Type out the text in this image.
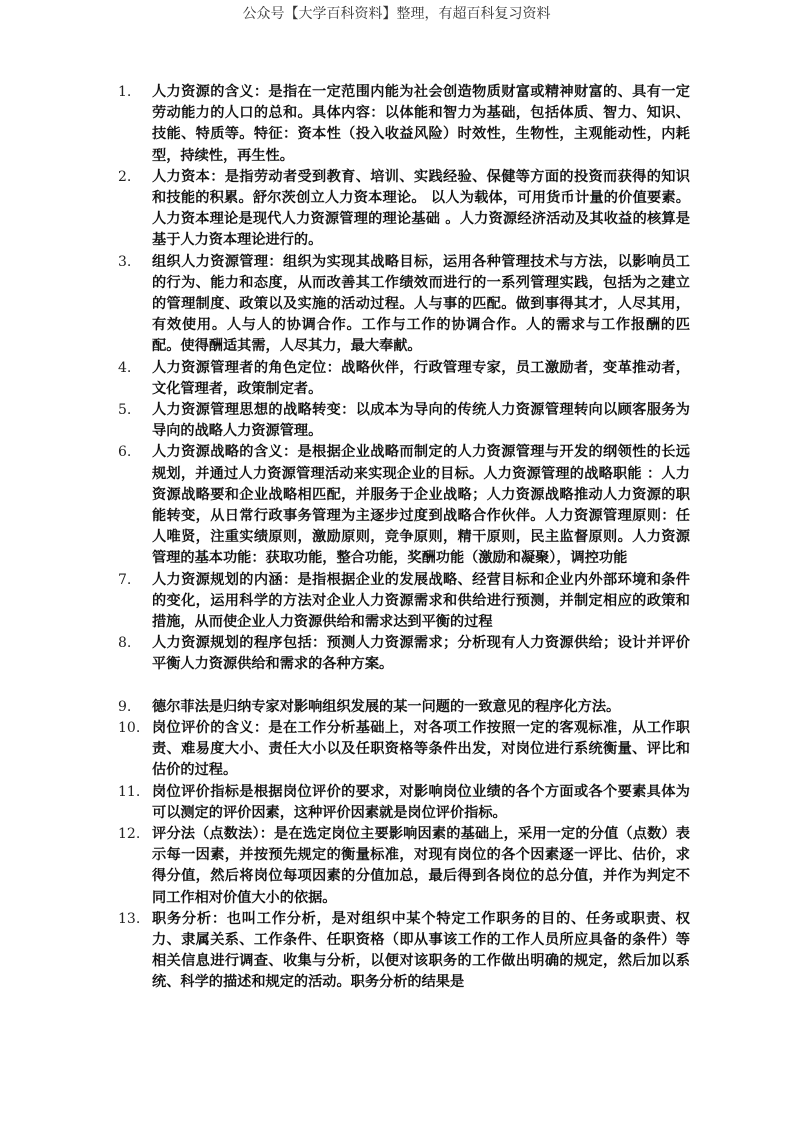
公众号【大学百科资料】整理，有超百科复习资料
1. 人力资源的含义：是指在一定范围内能为社会创造物质财富或精神财富的、具有一定劳动能力的人口的总和。具体内容：以体能和智力为基础，包括体质、智力、知识、技能、特质等。特征：资本性（投入收益风险）时效性，生物性，主观能动性，内耗型，持续性，再生性。
2. 人力资本：是指劳动者受到教育、培训、实践经验、保健等方面的投资而获得的知识和技能的积累。舒尔茨创立人力资本理论。 以人为载体，可用货币计量的价值要素。人力资本理论是现代人力资源管理的理论基础 。人力资源经济活动及其收益的核算是基于人力资本理论进行的。
3. 组织人力资源管理：组织为实现其战略目标，运用各种管理技术与方法，以影响员工的行为、能力和态度，从而改善其工作绩效而进行的一系列管理实践，包括为之建立的管理制度、政策以及实施的活动过程。人与事的匹配。做到事得其才，人尽其用，有效使用。人与人的协调合作。工作与工作的协调合作。人的需求与工作报酬的匹配。使得酬适其需，人尽其力，最大奉献。
4. 人力资源管理者的角色定位：战略伙伴，行政管理专家，员工激励者，变革推动者，文化管理者，政策制定者。
5. 人力资源管理思想的战略转变：以成本为导向的传统人力资源管理转向以顾客服务为导向的战略人力资源管理。
6. 人力资源战略的含义：是根据企业战略而制定的人力资源管理与开发的纲领性的长远规划，并通过人力资源管理活动来实现企业的目标。人力资源管理的战略职能 ：人力资源战略要和企业战略相匹配，并服务于企业战略；人力资源战略推动人力资源的职能转变，从日常行政事务管理为主逐步过度到战略合作伙伴。人力资源管理原则：任人唯贤，注重实绩原则，激励原则，竞争原则，精干原则，民主监督原则。人力资源管理的基本功能：获取功能，整合功能，奖酬功能（激励和凝聚），调控功能
7. 人力资源规划的内涵：是指根据企业的发展战略、经营目标和企业内外部环境和条件的变化，运用科学的方法对企业人力资源需求和供给进行预测，并制定相应的政策和措施，从而使企业人力资源供给和需求达到平衡的过程
8. 人力资源规划的程序包括：预测人力资源需求；分析现有人力资源供给；设计并评价平衡人力资源供给和需求的各种方案。
9. 德尔菲法是归纳专家对影响组织发展的某一问题的一致意见的程序化方法。
10. 岗位评价的含义：是在工作分析基础上，对各项工作按照一定的客观标准，从工作职责、难易度大小、责任大小以及任职资格等条件出发，对岗位进行系统衡量、评比和估价的过程。
11. 岗位评价指标是根据岗位评价的要求，对影响岗位业绩的各个方面或各个要素具体为可以测定的评价因素，这种评价因素就是岗位评价指标。
12. 评分法（点数法）：是在选定岗位主要影响因素的基础上，采用一定的分值（点数）表示每一因素，并按预先规定的衡量标准，对现有岗位的各个因素逐一评比、估价，求得分值，然后将岗位每项因素的分值加总，最后得到各岗位的总分值，并作为判定不同工作相对价值大小的依据。
13. 职务分析：也叫工作分析，是对组织中某个特定工作职务的目的、任务或职责、权力、隶属关系、工作条件、任职资格（即从事该工作的工作人员所应具备的条件）等相关信息进行调查、收集与分析，以便对该职务的工作做出明确的规定，然后加以系统、科学的描述和规定的活动。职务分析的结果是
